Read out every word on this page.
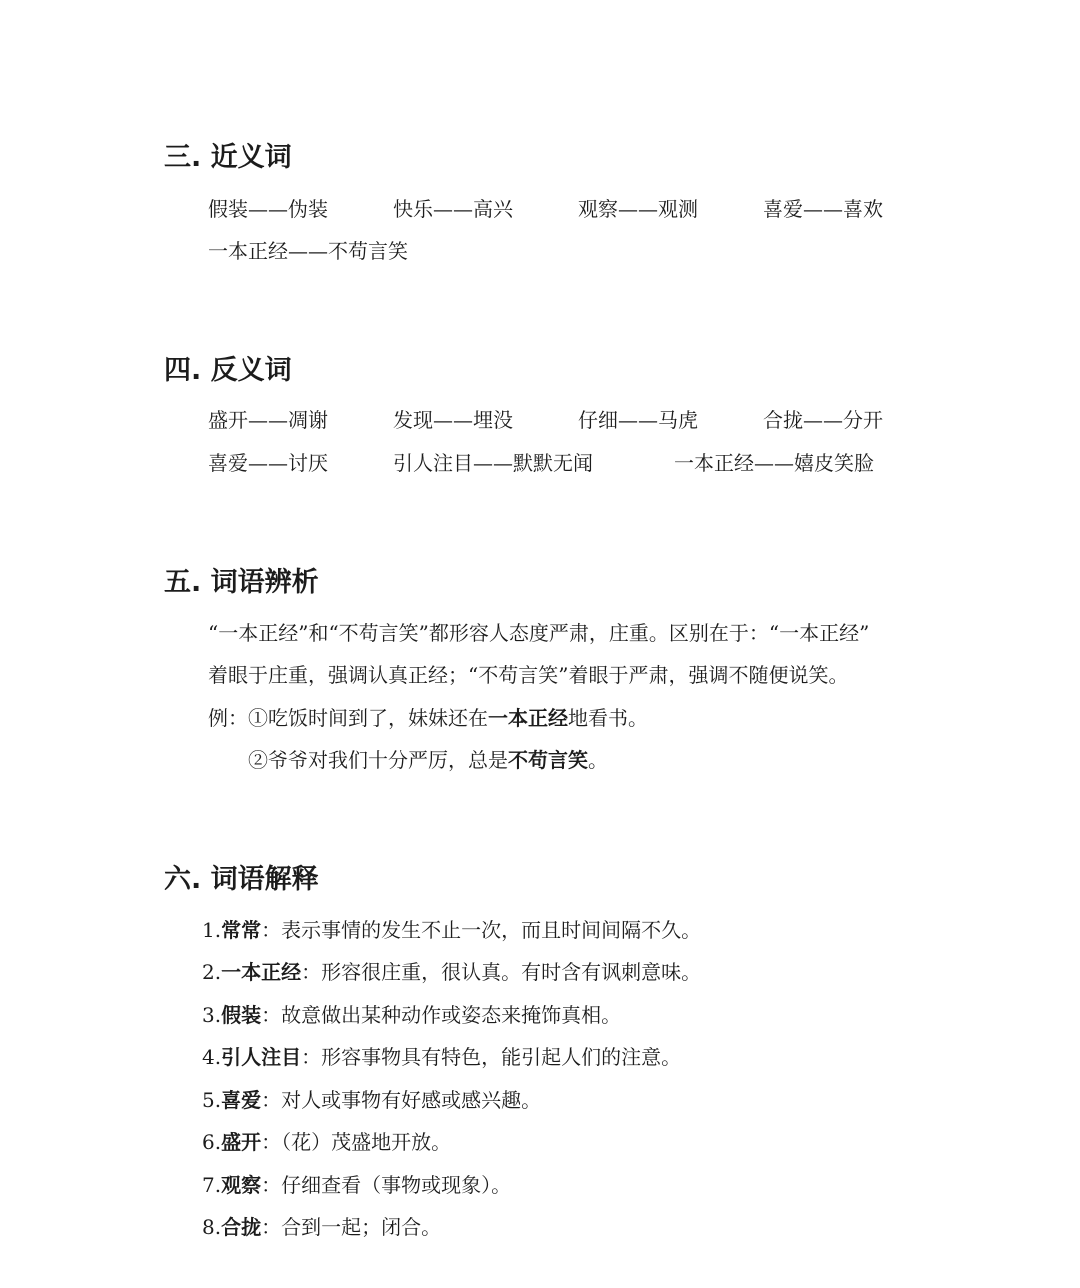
三. 近义词
假装——伪装	快乐——高兴	观察——观测	喜爱——喜欢
一本正经——不苟言笑
四. 反义词
盛开——凋谢	发现——埋没	仔细——马虎	合拢——分开
喜爱——讨厌	引人注目——默默无闻	一本正经——嬉皮笑脸
五. 词语辨析
“一本正经”和“不苟言笑”都形容人态度严肃，庄重。区别在于：“一本正经”
着眼于庄重，强调认真正经；“不苟言笑”着眼于严肃，强调不随便说笑。
例：①吃饭时间到了，妹妹还在一本正经地看书。
②爷爷对我们十分严厉，总是不苟言笑。
六. 词语解释
1.常常：表示事情的发生不止一次，而且时间间隔不久。
2.一本正经：形容很庄重，很认真。有时含有讽刺意味。
3.假装：故意做出某种动作或姿态来掩饰真相。
4.引人注目：形容事物具有特色，能引起人们的注意。
5.喜爱：对人或事物有好感或感兴趣。
6.盛开：（花）茂盛地开放。
7.观察：仔细查看（事物或现象）。
8.合拢：合到一起；闭合。
